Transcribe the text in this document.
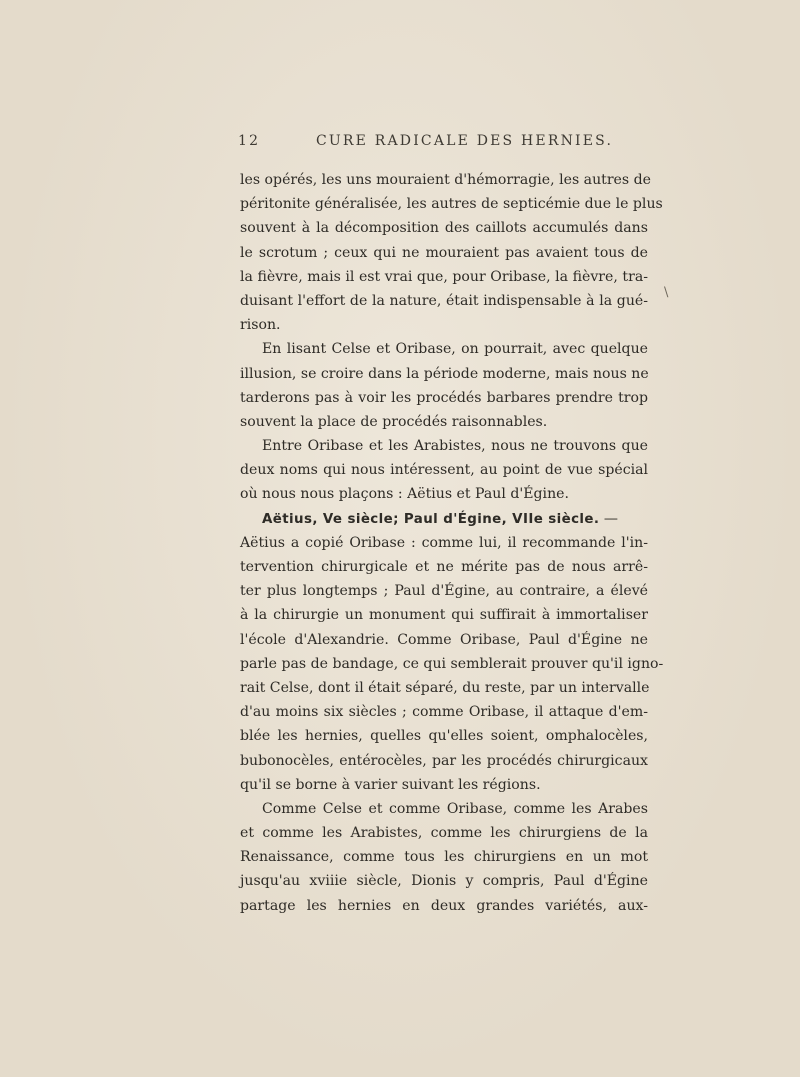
12	CURE RADICALE DES HERNIES.
\
les opérés, les uns mouraient d'hémorragie, les autres de
péritonite généralisée, les autres de septicémie due le plus
souvent à la décomposition des caillots accumulés dans
le scrotum ; ceux qui ne mouraient pas avaient tous de
la fièvre, mais il est vrai que, pour Oribase, la fièvre, tra-
duisant l'effort de la nature, était indispensable à la gué-
rison.
En lisant Celse et Oribase, on pourrait, avec quelque
illusion, se croire dans la période moderne, mais nous ne
tarderons pas à voir les procédés barbares prendre trop
souvent la place de procédés raisonnables.
Entre Oribase et les Arabistes, nous ne trouvons que
deux noms qui nous intéressent, au point de vue spécial
où nous nous plaçons : Aëtius et Paul d'Égine.
Aëtius, Ve siècle; Paul d'Égine, VIIe siècle. —
Aëtius a copié Oribase : comme lui, il recommande l'in-
tervention chirurgicale et ne mérite pas de nous arrê-
ter plus longtemps ; Paul d'Égine, au contraire, a élevé
à la chirurgie un monument qui suffirait à immortaliser
l'école d'Alexandrie. Comme Oribase, Paul d'Égine ne
parle pas de bandage, ce qui semblerait prouver qu'il igno-
rait Celse, dont il était séparé, du reste, par un intervalle
d'au moins six siècles ; comme Oribase, il attaque d'em-
blée les hernies, quelles qu'elles soient, omphalocèles,
bubonocèles, entérocèles, par les procédés chirurgicaux
qu'il se borne à varier suivant les régions.
Comme Celse et comme Oribase, comme les Arabes
et comme les Arabistes, comme les chirurgiens de la
Renaissance, comme tous les chirurgiens en un mot
jusqu'au xviiie siècle, Dionis y compris, Paul d'Égine
partage les hernies en deux grandes variétés, aux-
